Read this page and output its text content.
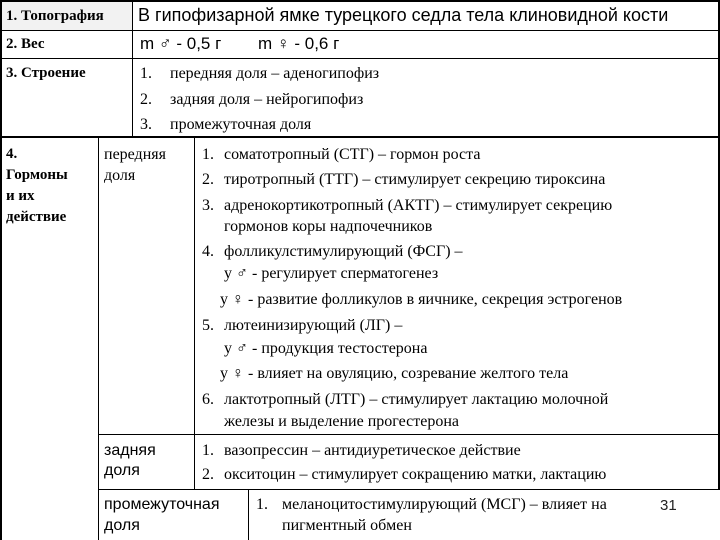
1. Топография В гипофизарной ямке турецкого седла тела клиновидной кости
2. Вес	m ♂ - 0,5 г m ♀ - 0,6 г
3. Строение	1. передняя доля – аденогипофиз
2. задняя доля – нейрогипофиз
3. промежуточная доля
4.
Гормоны
и их
действие
передняя
доля
1. соматотропный (СТГ) – гормон роста
2. тиротропный (ТТГ) – стимулирует секрецию тироксина
3. адренокортикотропный (АКТГ) – стимулирует секрецию
гормонов коры надпочечников
4. фолликулстимулирующий (ФСГ) –
у ♂ - регулирует сперматогенез
у ♀ - развитие фолликулов в яичнике, секреция эстрогенов
5. лютеинизирующий (ЛГ) –
у ♂ - продукция тестостерона
у ♀ - влияет на овуляцию, созревание желтого тела
6. лактотропный (ЛТГ) – стимулирует лактацию молочной
железы и выделение прогестерона
задняя
доля
1. вазопрессин – антидиуретическое действие
2. окситоцин – стимулирует сокращению матки, лактацию
промежуточная
доля
1. меланоцитостимулирующий (МСГ) – влияет на
пигментный обмен
31
